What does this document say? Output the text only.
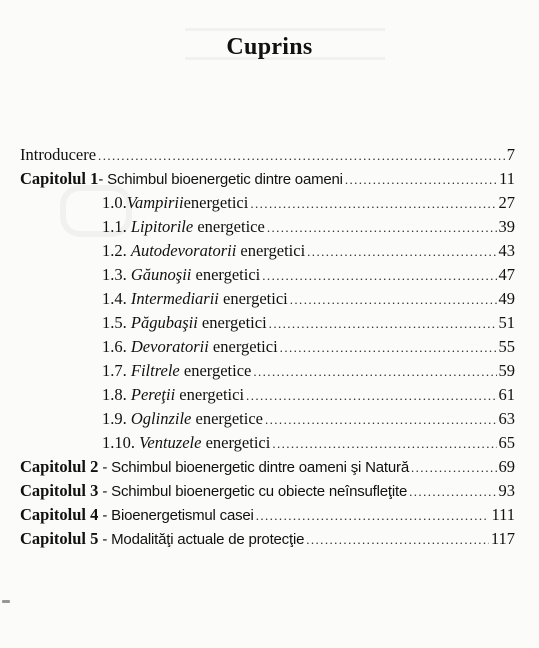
Cuprins
Introducere .....	7
Capitolul 1 - Schimbul bioenergetic dintre oameni .....	11
1.0. Vampirii energetici .....	27
1.1. Lipitorile energetice .....	39
1.2. Autodevoratorii energetici .....	43
1.3. Găunoşii energetici .....	47
1.4. Intermediarii energetici .....	49
1.5. Păgubaşii energetici .....	51
1.6. Devoratorii energetici .....	55
1.7. Filtrele energetice .....	59
1.8. Pereţii energetici .....	61
1.9. Oglinzile energetice .....	63
1.10. Ventuzele energetici .....	65
Capitolul 2 - Schimbul bioenergetic dintre oameni şi Natură .....	69
Capitolul 3 - Schimbul bioenergetic cu obiecte neînsufleţite .....	93
Capitolul 4 - Bioenergetismul casei .....	111
Capitolul 5 - Modalităţi actuale de protecţie .....	117
